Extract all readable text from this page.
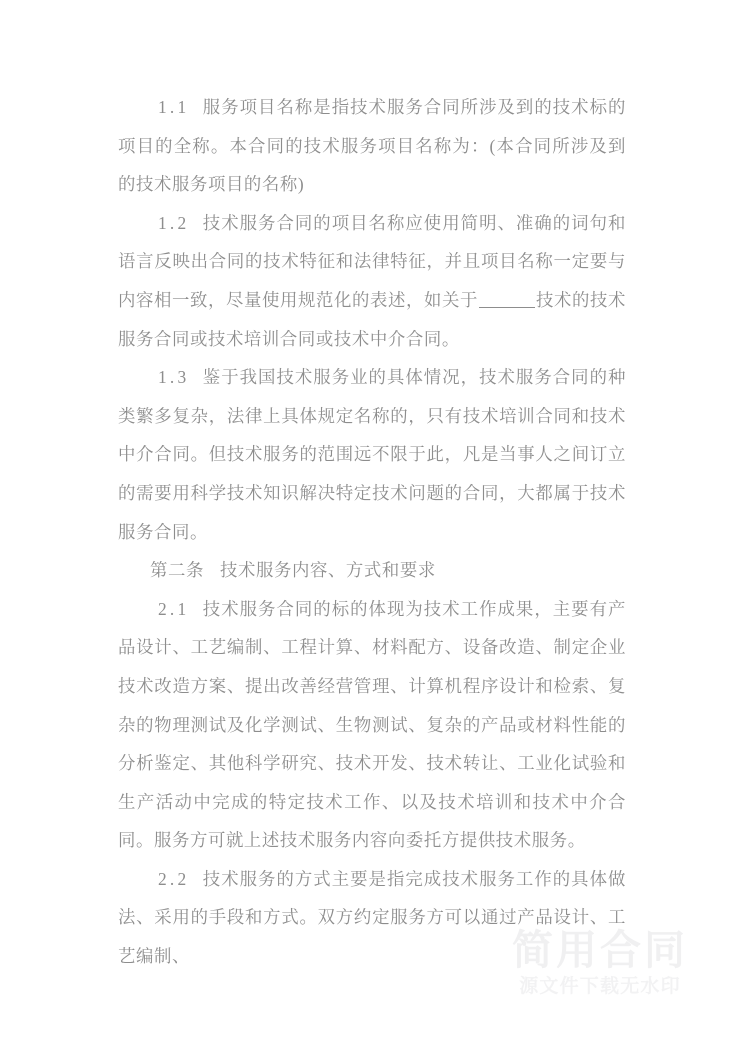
1.1 服务项目名称是指技术服务合同所涉及到的技术标的项目的全称。本合同的技术服务项目名称为：(本合同所涉及到的技术服务项目的名称)

1.2 技术服务合同的项目名称应使用简明、准确的词句和语言反映出合同的技术特征和法律特征，并且项目名称一定要与内容相一致，尽量使用规范化的表述，如关于	技术的技术服务合同或技术培训合同或技术中介合同。

1.3 鉴于我国技术服务业的具体情况，技术服务合同的种类繁多复杂，法律上具体规定名称的，只有技术培训合同和技术中介合同。但技术服务的范围远不限于此，凡是当事人之间订立的需要用科学技术知识解决特定技术问题的合同，大都属于技术服务合同。

第二条 技术服务内容、方式和要求

2.1 技术服务合同的标的体现为技术工作成果，主要有产品设计、工艺编制、工程计算、材料配方、设备改造、制定企业技术改造方案、提出改善经营管理、计算机程序设计和检索、复杂的物理测试及化学测试、生物测试、复杂的产品或材料性能的分析鉴定、其他科学研究、技术开发、技术转让、工业化试验和生产活动中完成的特定技术工作、以及技术培训和技术中介合同。服务方可就上述技术服务内容向委托方提供技术服务。

2.2 技术服务的方式主要是指完成技术服务工作的具体做法、采用的手段和方式。双方约定服务方可以通过产品设计、工艺编制、	简用合同
源文件下载无水印
